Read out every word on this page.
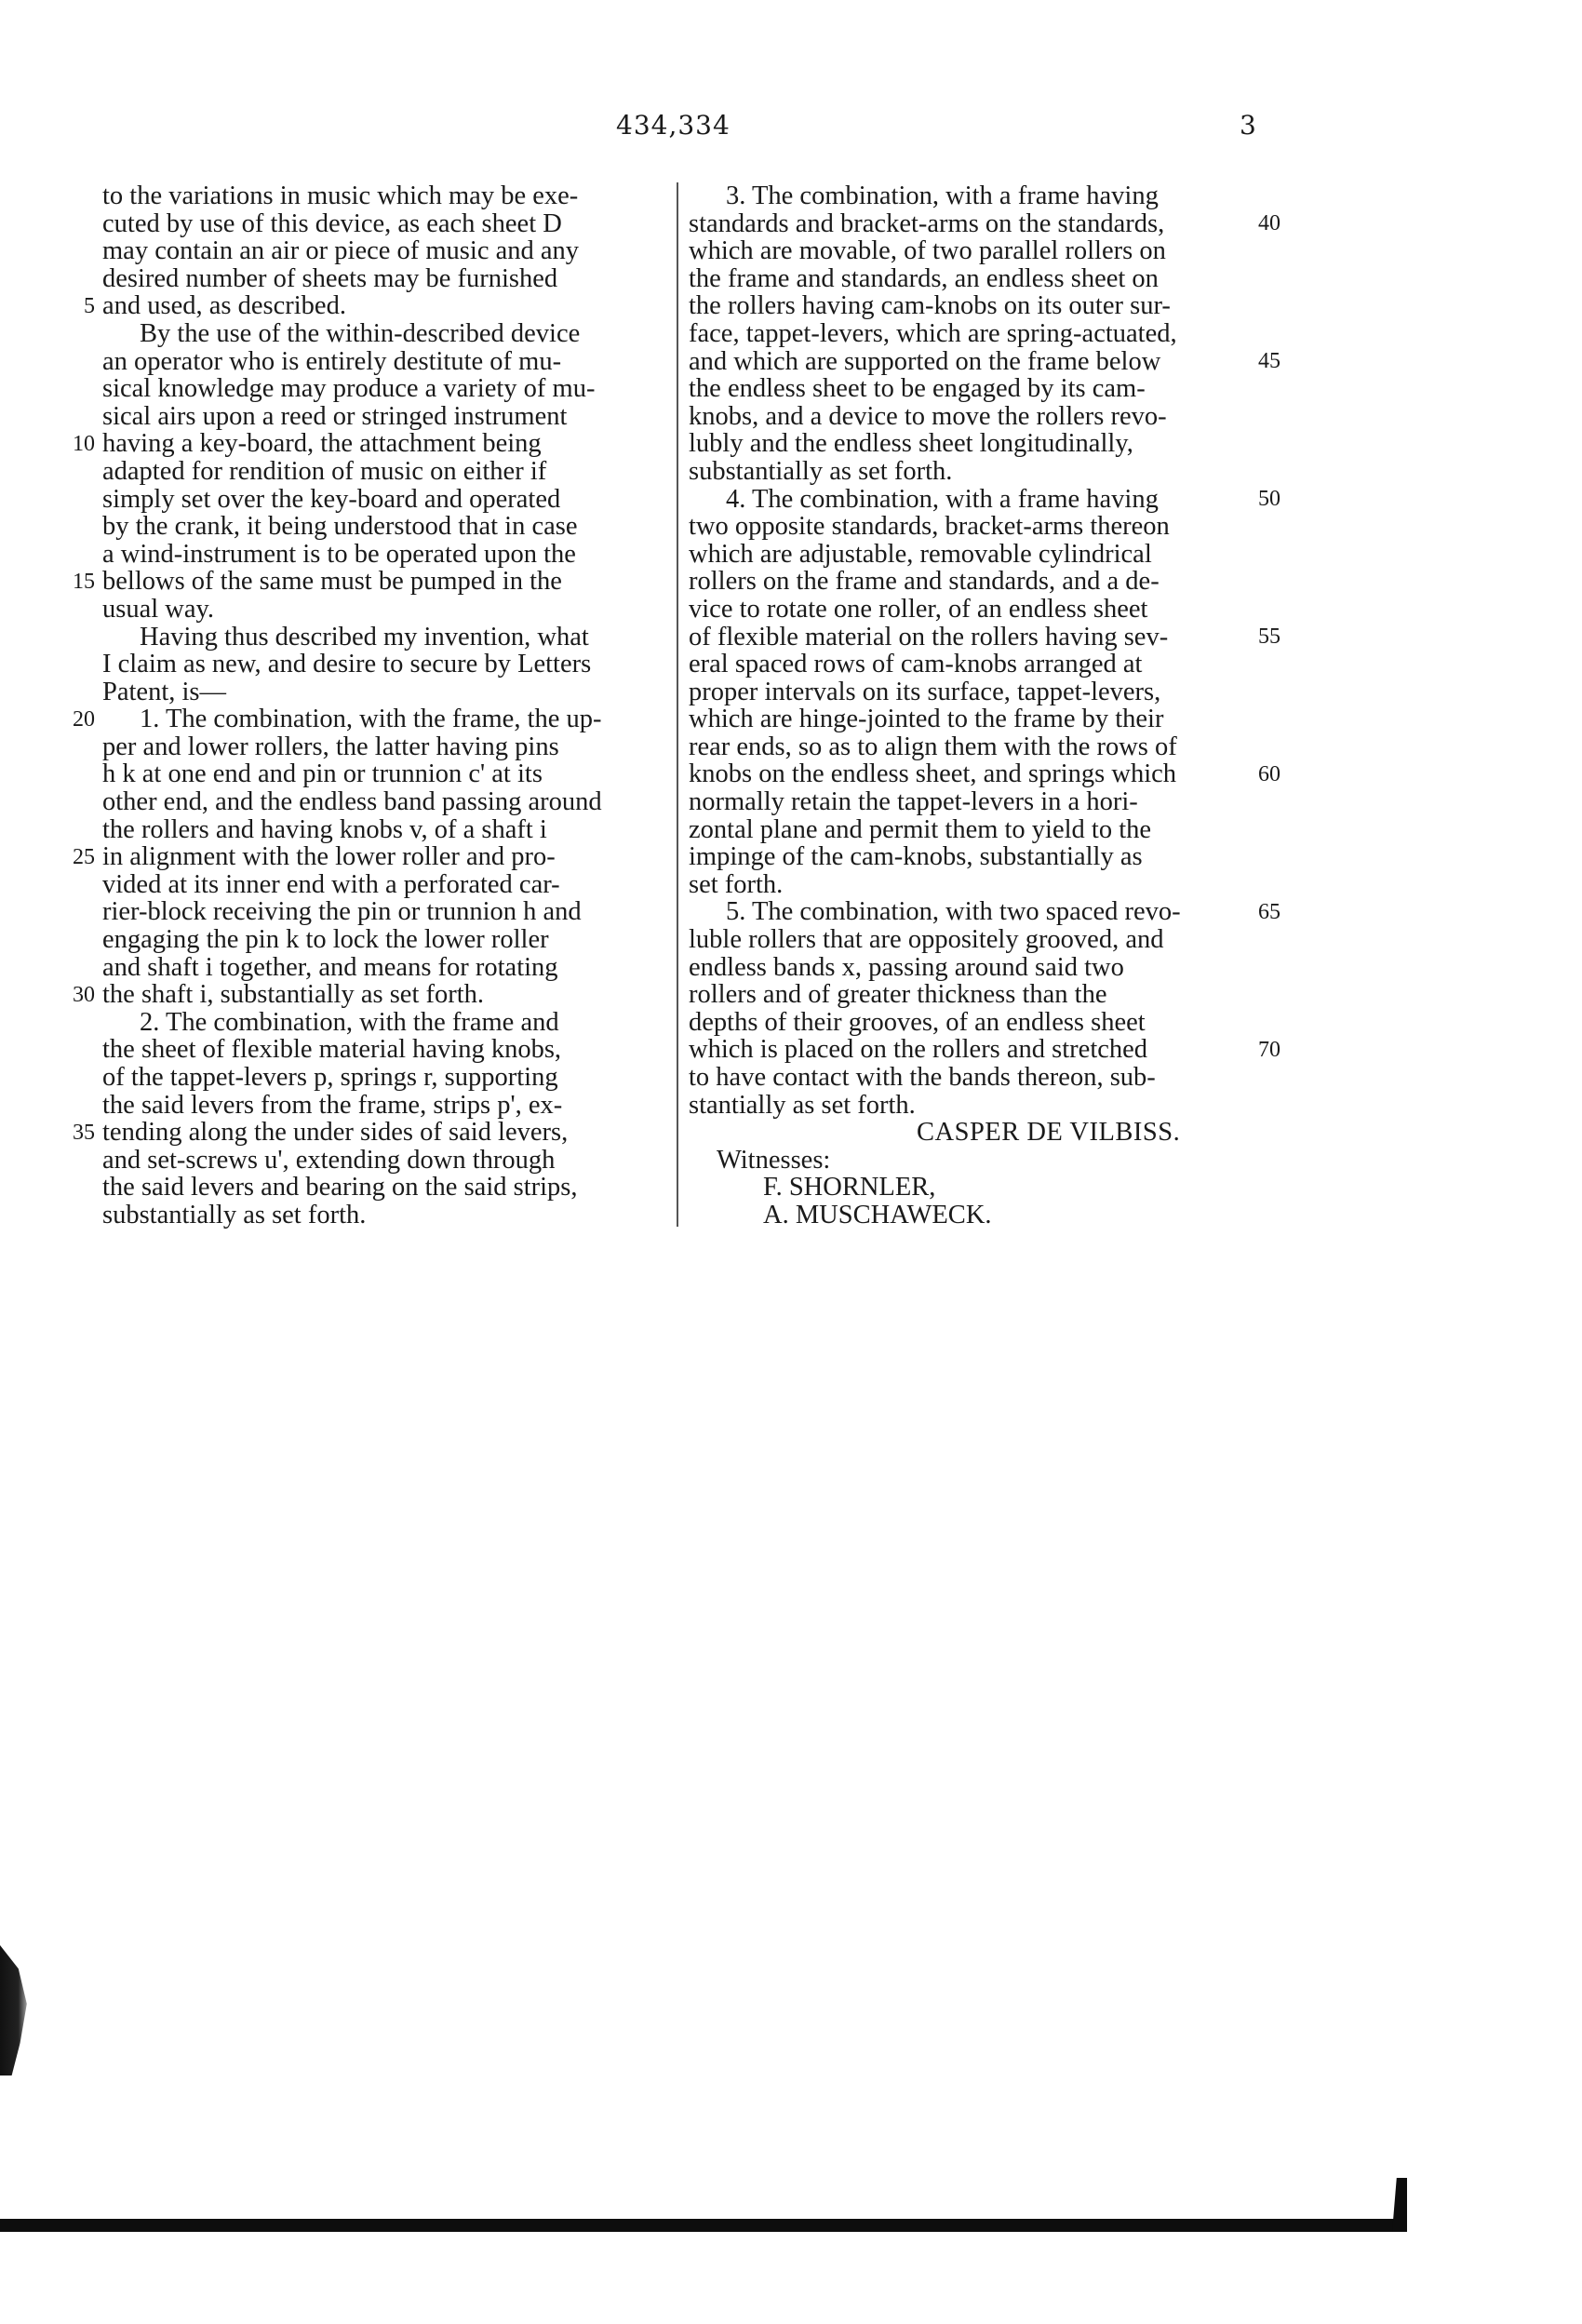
434,334	3
to the variations in music which may be exe-
cuted by use of this device, as each sheet D
may contain an air or piece of music and any
desired number of sheets may be furnished
and used, as described.
By the use of the within-described device
an operator who is entirely destitute of mu-
sical knowledge may produce a variety of mu-
sical airs upon a reed or stringed instrument
having a key-board, the attachment being
adapted for rendition of music on either if
simply set over the key-board and operated
by the crank, it being understood that in case
a wind-instrument is to be operated upon the
bellows of the same must be pumped in the
usual way.
Having thus described my invention, what
I claim as new, and desire to secure by Letters
Patent, is—
1. The combination, with the frame, the up-
per and lower rollers, the latter having pins
h k at one end and pin or trunnion c' at its
other end, and the endless band passing around
the rollers and having knobs v, of a shaft i
in alignment with the lower roller and pro-
vided at its inner end with a perforated car-
rier-block receiving the pin or trunnion h and
engaging the pin k to lock the lower roller
and shaft i together, and means for rotating
the shaft i, substantially as set forth.
2. The combination, with the frame and
the sheet of flexible material having knobs,
of the tappet-levers p, springs r, supporting
the said levers from the frame, strips p', ex-
tending along the under sides of said levers,
and set-screws u', extending down through
the said levers and bearing on the said strips,
substantially as set forth.
3. The combination, with a frame having
standards and bracket-arms on the standards,
which are movable, of two parallel rollers on
the frame and standards, an endless sheet on
the rollers having cam-knobs on its outer sur-
face, tappet-levers, which are spring-actuated,
and which are supported on the frame below
the endless sheet to be engaged by its cam-
knobs, and a device to move the rollers revo-
lubly and the endless sheet longitudinally,
substantially as set forth.
4. The combination, with a frame having
two opposite standards, bracket-arms thereon
which are adjustable, removable cylindrical
rollers on the frame and standards, and a de-
vice to rotate one roller, of an endless sheet
of flexible material on the rollers having sev-
eral spaced rows of cam-knobs arranged at
proper intervals on its surface, tappet-levers,
which are hinge-jointed to the frame by their
rear ends, so as to align them with the rows of
knobs on the endless sheet, and springs which
normally retain the tappet-levers in a hori-
zontal plane and permit them to yield to the
impinge of the cam-knobs, substantially as
set forth.
5. The combination, with two spaced revo-
luble rollers that are oppositely grooved, and
endless bands x, passing around said two
rollers and of greater thickness than the
depths of their grooves, of an endless sheet
which is placed on the rollers and stretched
to have contact with the bands thereon, sub-
stantially as set forth.
CASPER DE VILBISS.
Witnesses:
F. SHORNLER,
A. MUSCHAWECK.
5
10
15
20
25
30
35
40
45
50
55
60
65
70
